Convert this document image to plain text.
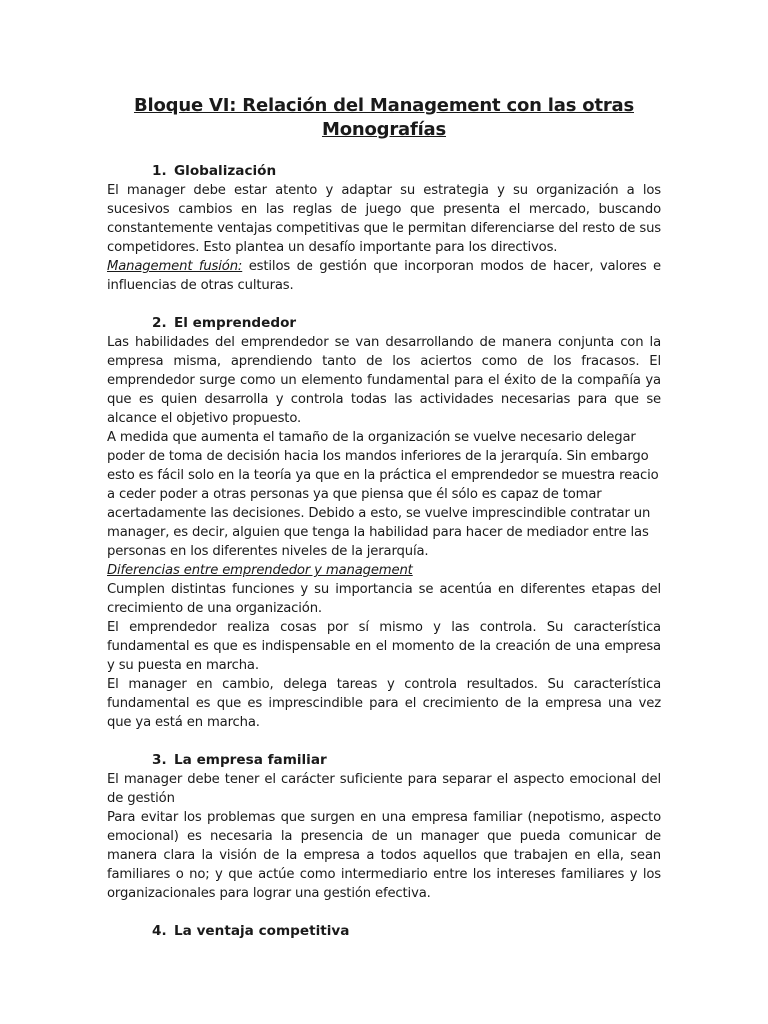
Bloque VI: Relación del Management con las otras Monografías
1. Globalización

El manager debe estar atento y adaptar su estrategia y su organización a los sucesivos cambios en las reglas de juego que presenta el mercado, buscando constantemente ventajas competitivas que le permitan diferenciarse del resto de sus competidores. Esto plantea un desafío importante para los directivos.

Management fusión: estilos de gestión que incorporan modos de hacer, valores e influencias de otras culturas.

2. El emprendedor

Las habilidades del emprendedor se van desarrollando de manera conjunta con la empresa misma, aprendiendo tanto de los aciertos como de los fracasos. El emprendedor surge como un elemento fundamental para el éxito de la compañía ya que es quien desarrolla y controla todas las actividades necesarias para que se alcance el objetivo propuesto.

A medida que aumenta el tamaño de la organización se vuelve necesario delegar poder de toma de decisión hacia los mandos inferiores de la jerarquía. Sin embargo esto es fácil solo en la teoría ya que en la práctica el emprendedor se muestra reacio a ceder poder a otras personas ya que piensa que él sólo es capaz de tomar acertadamente las decisiones. Debido a esto, se vuelve imprescindible contratar un manager, es decir, alguien que tenga la habilidad para hacer de mediador entre las personas en los diferentes niveles de la jerarquía.

Diferencias entre emprendedor y management

Cumplen distintas funciones y su importancia se acentúa en diferentes etapas del crecimiento de una organización.

El emprendedor realiza cosas por sí mismo y las controla. Su característica fundamental es que es indispensable en el momento de la creación de una empresa y su puesta en marcha.

El manager en cambio, delega tareas y controla resultados. Su característica fundamental es que es imprescindible para el crecimiento de la empresa una vez que ya está en marcha.

3. La empresa familiar

El manager debe tener el carácter suficiente para separar el aspecto emocional del de gestión

Para evitar los problemas que surgen en una empresa familiar (nepotismo, aspecto emocional) es necesaria la presencia de un manager que pueda comunicar de manera clara la visión de la empresa a todos aquellos que trabajen en ella, sean familiares o no; y que actúe como intermediario entre los intereses familiares y los organizacionales para lograr una gestión efectiva.

4. La ventaja competitiva
